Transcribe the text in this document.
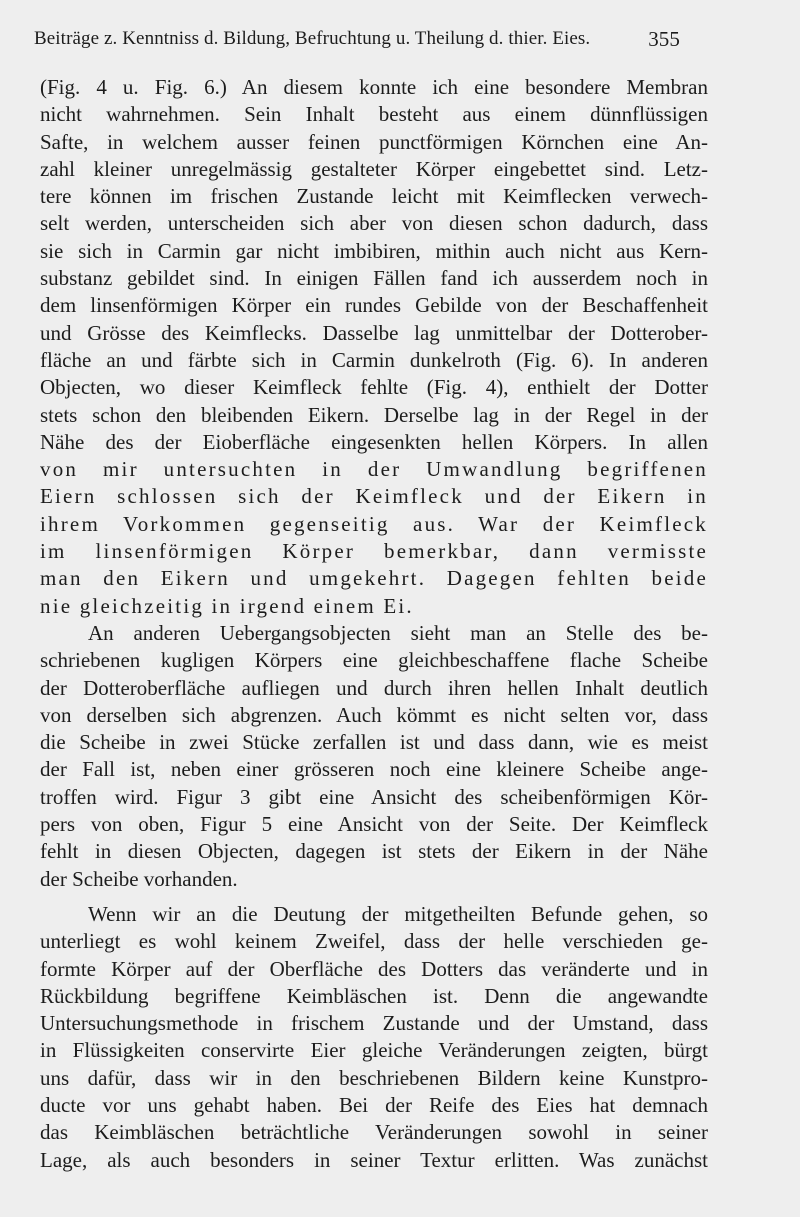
Beiträge z. Kenntniss d. Bildung, Befruchtung u. Theilung d. thier. Eies.	355
(Fig. 4 u. Fig. 6.) An diesem konnte ich eine besondere Membran
nicht wahrnehmen. Sein Inhalt besteht aus einem dünnflüssigen
Safte, in welchem ausser feinen punctförmigen Körnchen eine An-
zahl kleiner unregelmässig gestalteter Körper eingebettet sind. Letz-
tere können im frischen Zustande leicht mit Keimflecken verwech-
selt werden, unterscheiden sich aber von diesen schon dadurch, dass
sie sich in Carmin gar nicht imbibiren, mithin auch nicht aus Kern-
substanz gebildet sind. In einigen Fällen fand ich ausserdem noch in
dem linsenförmigen Körper ein rundes Gebilde von der Beschaffenheit
und Grösse des Keimflecks. Dasselbe lag unmittelbar der Dotterober-
fläche an und färbte sich in Carmin dunkelroth (Fig. 6). In anderen
Objecten, wo dieser Keimfleck fehlte (Fig. 4), enthielt der Dotter
stets schon den bleibenden Eikern. Derselbe lag in der Regel in der
Nähe des der Eioberfläche eingesenkten hellen Körpers. In allen
von mir untersuchten in der Umwandlung begriffenen
Eiern schlossen sich der Keimfleck und der Eikern in
ihrem Vorkommen gegenseitig aus. War der Keimfleck
im linsenförmigen Körper bemerkbar, dann vermisste
man den Eikern und umgekehrt. Dagegen fehlten beide
nie gleichzeitig in irgend einem Ei.
An anderen Uebergangsobjecten sieht man an Stelle des be-
schriebenen kugligen Körpers eine gleichbeschaffene flache Scheibe
der Dotteroberfläche aufliegen und durch ihren hellen Inhalt deutlich
von derselben sich abgrenzen. Auch kömmt es nicht selten vor, dass
die Scheibe in zwei Stücke zerfallen ist und dass dann, wie es meist
der Fall ist, neben einer grösseren noch eine kleinere Scheibe ange-
troffen wird. Figur 3 gibt eine Ansicht des scheibenförmigen Kör-
pers von oben, Figur 5 eine Ansicht von der Seite. Der Keimfleck
fehlt in diesen Objecten, dagegen ist stets der Eikern in der Nähe
der Scheibe vorhanden.
Wenn wir an die Deutung der mitgetheilten Befunde gehen, so
unterliegt es wohl keinem Zweifel, dass der helle verschieden ge-
formte Körper auf der Oberfläche des Dotters das veränderte und in
Rückbildung begriffene Keimbläschen ist. Denn die angewandte
Untersuchungsmethode in frischem Zustande und der Umstand, dass
in Flüssigkeiten conservirte Eier gleiche Veränderungen zeigten, bürgt
uns dafür, dass wir in den beschriebenen Bildern keine Kunstpro-
ducte vor uns gehabt haben. Bei der Reife des Eies hat demnach
das Keimbläschen beträchtliche Veränderungen sowohl in seiner
Lage, als auch besonders in seiner Textur erlitten. Was zunächst
